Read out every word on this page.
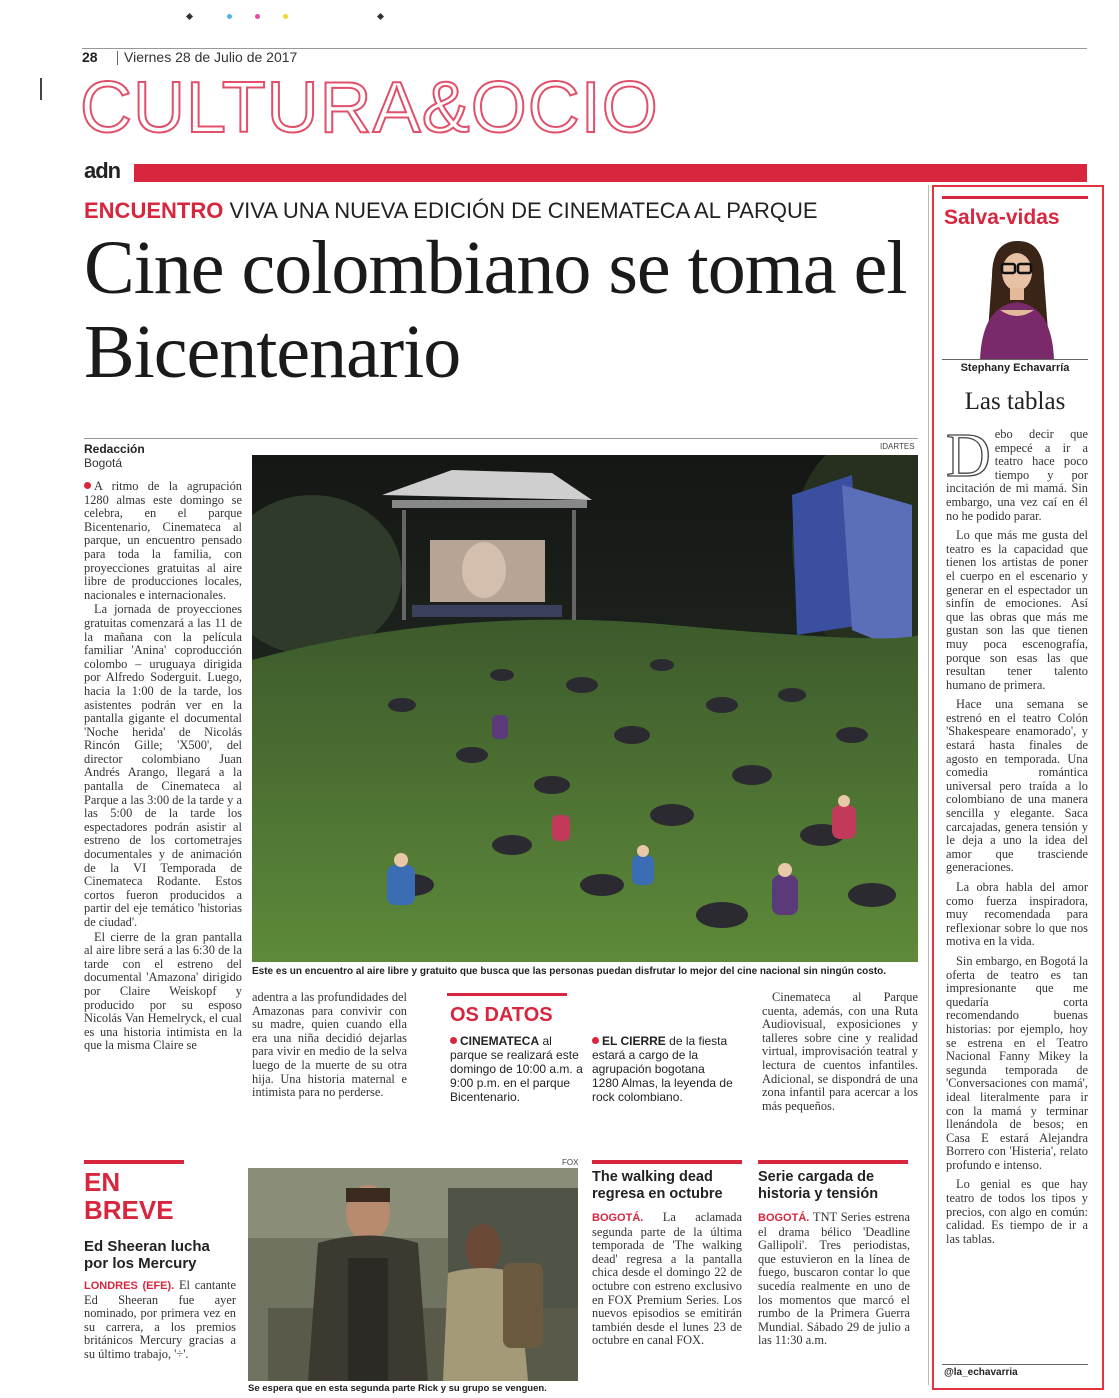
28 Viernes 28 de Julio de 2017
CULTURA&OCIO
adn
ENCUENTRO VIVA UNA NUEVA EDICIÓN DE CINEMATECA AL PARQUE
Cine colombiano se toma el Bicentenario
Redacción
Bogotá
IDARTES
Este es un encuentro al aire libre y gratuito que busca que las personas puedan disfrutar lo mejor del cine nacional sin ningún costo.

A ritmo de la agrupación 1280 almas este domingo se celebra, en el parque Bicentenario, Cinemateca al parque, un encuentro pensado para toda la familia, con proyecciones gratuitas al aire libre de producciones locales, nacionales e internacionales.

La jornada de proyecciones gratuitas comenzará a las 11 de la mañana con la película familiar 'Anina' coproducción colombo – uruguaya dirigida por Alfredo Soderguit. Luego, hacia la 1:00 de la tarde, los asistentes podrán ver en la pantalla gigante el documental 'Noche herida' de Nicolás Rincón Gille; 'X500', del director colombiano Juan Andrés Arango, llegará a la pantalla de Cinemateca al Parque a las 3:00 de la tarde y a las 5:00 de la tarde los espectadores podrán asistir al estreno de los cortometrajes documentales y de animación de la VI Temporada de Cinemateca Rodante. Estos cortos fueron producidos a partir del eje temático 'historias de ciudad'.

El cierre de la gran pantalla al aire libre será a las 6:30 de la tarde con el estreno del documental 'Amazona' dirigido por Claire Weiskopf y producido por su esposo Nicolás Van Hemelryck, el cual es una historia intimista en la que la misma Claire se

adentra a las profundidades del Amazonas para convivir con su madre, quien cuando ella era una niña decidió dejarlas para vivir en medio de la selva luego de la muerte de su otra hija. Una historia maternal e intimista para no perderse.

OS DATOS
CINEMATECA al parque se realizará este domingo de 10:00 a.m. a 9:00 p.m. en el parque Bicentenario.
EL CIERRE de la fiesta estará a cargo de la agrupación bogotana 1280 Almas, la leyenda de rock colombiano.

Cinemateca al Parque cuenta, además, con una Ruta Audiovisual, exposiciones y talleres sobre cine y realidad virtual, improvisación teatral y lectura de cuentos infantiles. Adicional, se dispondrá de una zona infantil para acercar a los más pequeños.

EN
BREVE
Ed Sheeran lucha por los Mercury

LONDRES (EFE). El cantante Ed Sheeran fue ayer nominado, por primera vez en su carrera, a los premios británicos Mercury gracias a su último trabajo, '÷'.

FOX
Se espera que en esta segunda parte Rick y su grupo se venguen.
The walking dead regresa en octubre

BOGOTÁ. La aclamada segunda parte de la última temporada de 'The walking dead' regresa a la pantalla chica desde el domingo 22 de octubre con estreno exclusivo en FOX Premium Series. Los nuevos episodios se emitirán también desde el lunes 23 de octubre en canal FOX.

Serie cargada de historia y tensión

BOGOTÁ. TNT Series estrena el drama bélico 'Deadline Gallipoli'. Tres periodistas, que estuvieron en la línea de fuego, buscaron contar lo que sucedía realmente en uno de los momentos que marcó el rumbo de la Primera Guerra Mundial. Sábado 29 de julio a las 11:30 a.m.

Salva-vidas
Stephany Echavarría
Las tablas

Debo decir que empecé a ir a teatro hace poco tiempo y por incitación de mi mamá. Sin embargo, una vez caí en él no he podido parar.

Lo que más me gusta del teatro es la capacidad que tienen los artistas de poner el cuerpo en el escenario y generar en el espectador un sinfín de emociones. Así que las obras que más me gustan son las que tienen muy poca escenografía, porque son esas las que resultan tener talento humano de primera.

Hace una semana se estrenó en el teatro Colón 'Shakespeare enamorado', y estará hasta finales de agosto en temporada. Una comedia romántica universal pero traída a lo colombiano de una manera sencilla y elegante. Saca carcajadas, genera tensión y le deja a uno la idea del amor que trasciende generaciones.

La obra habla del amor como fuerza inspiradora, muy recomendada para reflexionar sobre lo que nos motiva en la vida.

Sin embargo, en Bogotá la oferta de teatro es tan impresionante que me quedaría corta recomendando buenas historias: por ejemplo, hoy se estrena en el Teatro Nacional Fanny Mikey la segunda temporada de 'Conversaciones con mamá', ideal literalmente para ir con la mamá y terminar llenándola de besos; en Casa E estará Alejandra Borrero con 'Histeria', relato profundo e intenso.

Lo genial es que hay teatro de todos los tipos y precios, con algo en común: calidad. Es tiempo de ir a las tablas.

@la_echavarria
